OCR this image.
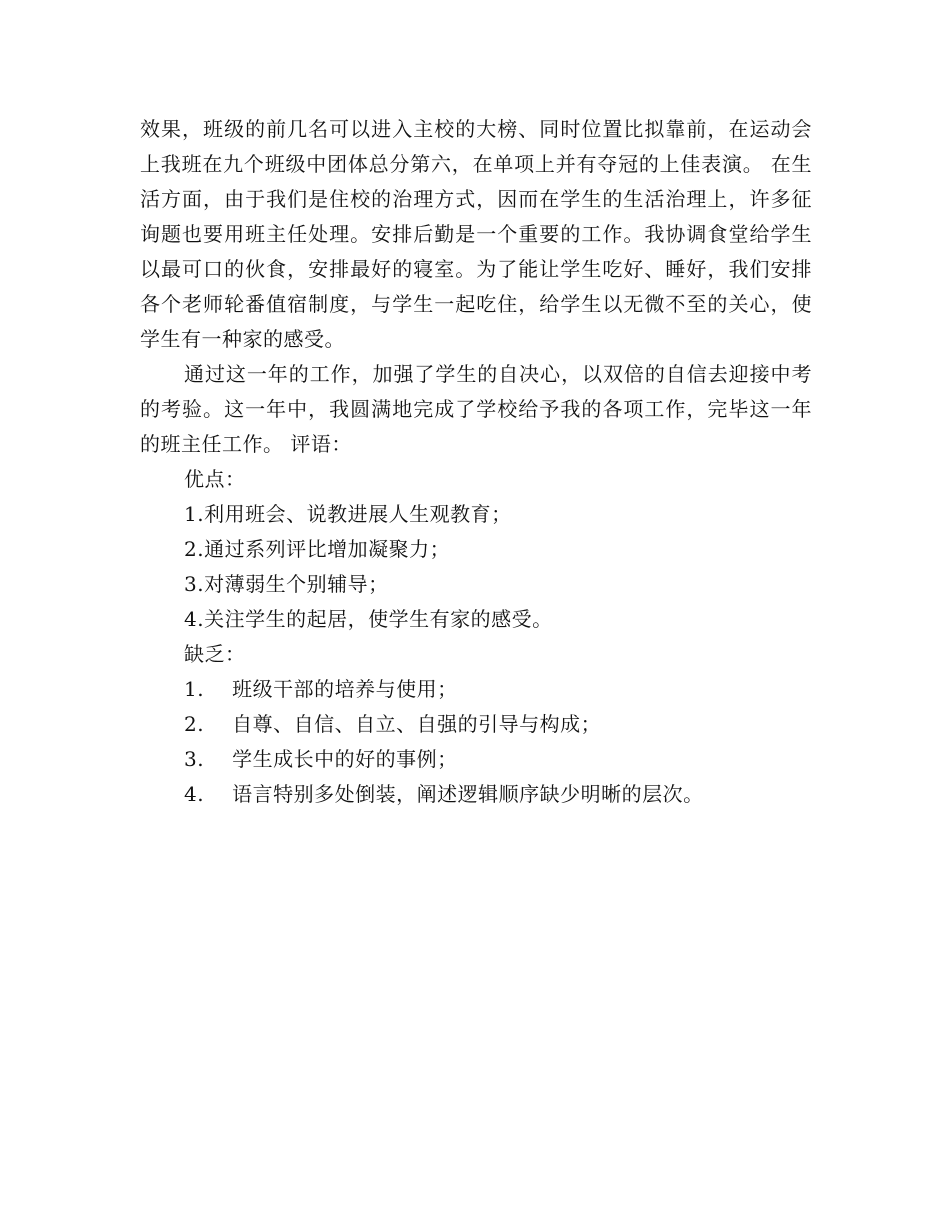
效果，班级的前几名可以进入主校的大榜、同时位置比拟靠前，在运动会上我班在九个班级中团体总分第六，在单项上并有夺冠的上佳表演。 在生活方面，由于我们是住校的治理方式，因而在学生的生活治理上，许多征询题也要用班主任处理。安排后勤是一个重要的工作。我协调食堂给学生以最可口的伙食，安排最好的寝室。为了能让学生吃好、睡好，我们安排各个老师轮番值宿制度，与学生一起吃住，给学生以无微不至的关心，使学生有一种家的感受。

通过这一年的工作，加强了学生的自决心，以双倍的自信去迎接中考的考验。这一年中，我圆满地完成了学校给予我的各项工作，完毕这一年的班主任工作。 评语：

优点：

1.利用班会、说教进展人生观教育；

2.通过系列评比增加凝聚力；

3.对薄弱生个别辅导；

4.关注学生的起居，使学生有家的感受。

缺乏：

1. 班级干部的培养与使用；

2. 自尊、自信、自立、自强的引导与构成；

3. 学生成长中的好的事例；

4. 语言特别多处倒装，阐述逻辑顺序缺少明晰的层次。
